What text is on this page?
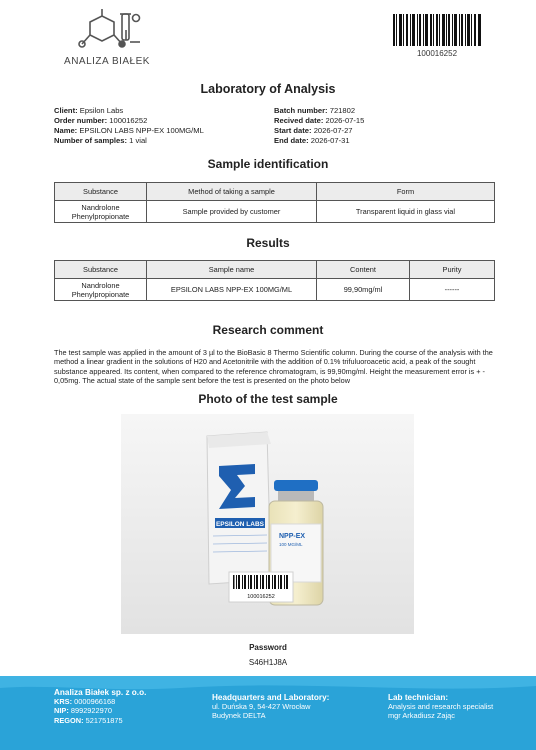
ANALIZA BIAŁEK
100016252
Laboratory of Analysis
Client: Epsilon Labs
Order number: 100016252
Name: EPSILON LABS NPP-EX 100MG/ML
Number of samples: 1 vial
Batch number: 721802
Recived date: 2026-07-15
Start date: 2026-07-27
End date: 2026-07-31
Sample identification
Substance	Method of taking a sample	Form
Nandrolone Phenylpropionate	Sample provided by customer	Transparent liquid in glass vial
Results
Substance	Sample name	Content	Purity
Nandrolone Phenylpropionate	EPSILON LABS NPP-EX 100MG/ML	99,90mg/ml	------
Research comment
The test sample was applied in the amount of 3 µl to the BioBasic 8 Thermo Scientific column. During the course of the analysis with the method a linear gradient in the solutions of H20 and Acetonitrile with the addition of 0.1% trifuluoroacetic acid, a peak of the sought substance appeared. Its content, when compared to the reference chromatogram, is 99,90mg/ml. Height the measurement error is + - 0,05mg. The actual state of the sample sent before the test is presented on the photo below
Photo of the test sample
EPSILON LABS
NPP-EX
100 MG/ML
100016252
Password
S46H1J8A
Analiza Białek sp. z o.o.
KRS: 0000966168
NIP: 8992922970
REGON: 521751875
Headquarters and Laboratory:
ul. Duńska 9, 54-427 Wrocław
Budynek DELTA
Lab technician:
Analysis and research specialist
mgr Arkadiusz Zając
